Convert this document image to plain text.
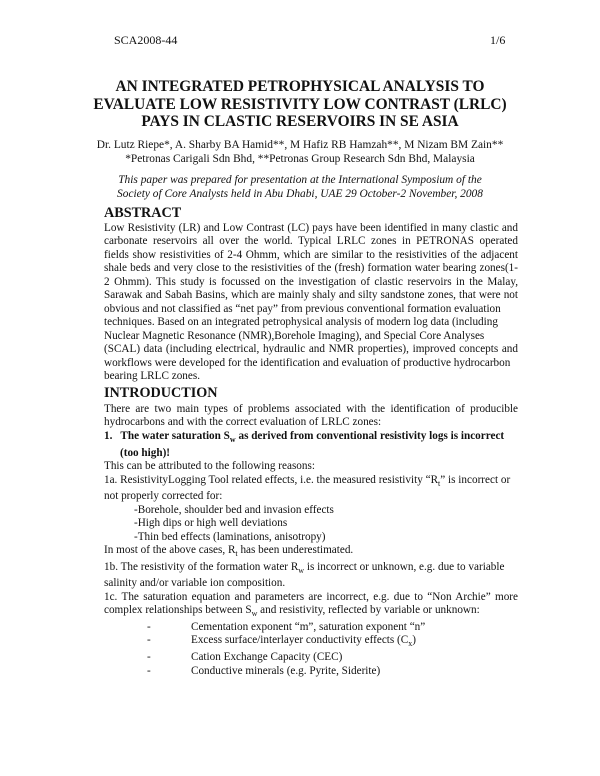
SCA2008-44	1/6
AN INTEGRATED PETROPHYSICAL ANALYSIS TO
EVALUATE LOW RESISTIVITY LOW CONTRAST (LRLC)
PAYS IN CLASTIC RESERVOIRS IN SE ASIA
Dr. Lutz Riepe*, A. Sharby BA Hamid**, M Hafiz RB Hamzah**, M Nizam BM Zain**
*Petronas Carigali Sdn Bhd, **Petronas Group Research Sdn Bhd, Malaysia
This paper was prepared for presentation at the International Symposium of the
Society of Core Analysts held in Abu Dhabi, UAE 29 October-2 November, 2008
ABSTRACT
Low Resistivity (LR) and Low Contrast (LC) pays have been identified in many clastic and
carbonate reservoirs all over the world. Typical LRLC zones in PETRONAS operated
fields show resistivities of 2-4 Ohmm, which are similar to the resistivities of the adjacent
shale beds and very close to the resistivities of the (fresh) formation water bearing zones(1-
2 Ohmm). This study is focussed on the investigation of clastic reservoirs in the Malay,
Sarawak and Sabah Basins, which are mainly shaly and silty sandstone zones, that were not
obvious and not classified as “net pay” from previous conventional formation evaluation
techniques. Based on an integrated petrophysical analysis of modern log data (including
Nuclear Magnetic Resonance (NMR),Borehole Imaging), and Special Core Analyses
(SCAL) data (including electrical, hydraulic and NMR properties), improved concepts and
workflows were developed for the identification and evaluation of productive hydrocarbon
bearing LRLC zones.
INTRODUCTION
There are two main types of problems associated with the identification of producible
hydrocarbons and with the correct evaluation of LRLC zones:
1. The water saturation $S_w$ as derived from conventional resistivity logs is incorrect
(too high)!
This can be attributed to the following reasons:
1a. ResistivityLogging Tool related effects, i.e. the measured resistivity “$R_t$” is incorrect or
not properly corrected for:
-Borehole, shoulder bed and invasion effects
-High dips or high well deviations
-Thin bed effects (laminations, anisotropy)
In most of the above cases, $R_t$ has been underestimated.
1b. The resistivity of the formation water $R_w$ is incorrect or unknown, e.g. due to variable
salinity and/or variable ion composition.
1c. The saturation equation and parameters are incorrect, e.g. due to “Non Archie” more
complex relationships between $S_w$ and resistivity, reflected by variable or unknown:
-	Cementation exponent “m”, saturation exponent “n”
-	Excess surface/interlayer conductivity effects $(C_x)$
-	Cation Exchange Capacity (CEC)
-	Conductive minerals (e.g. Pyrite, Siderite)
